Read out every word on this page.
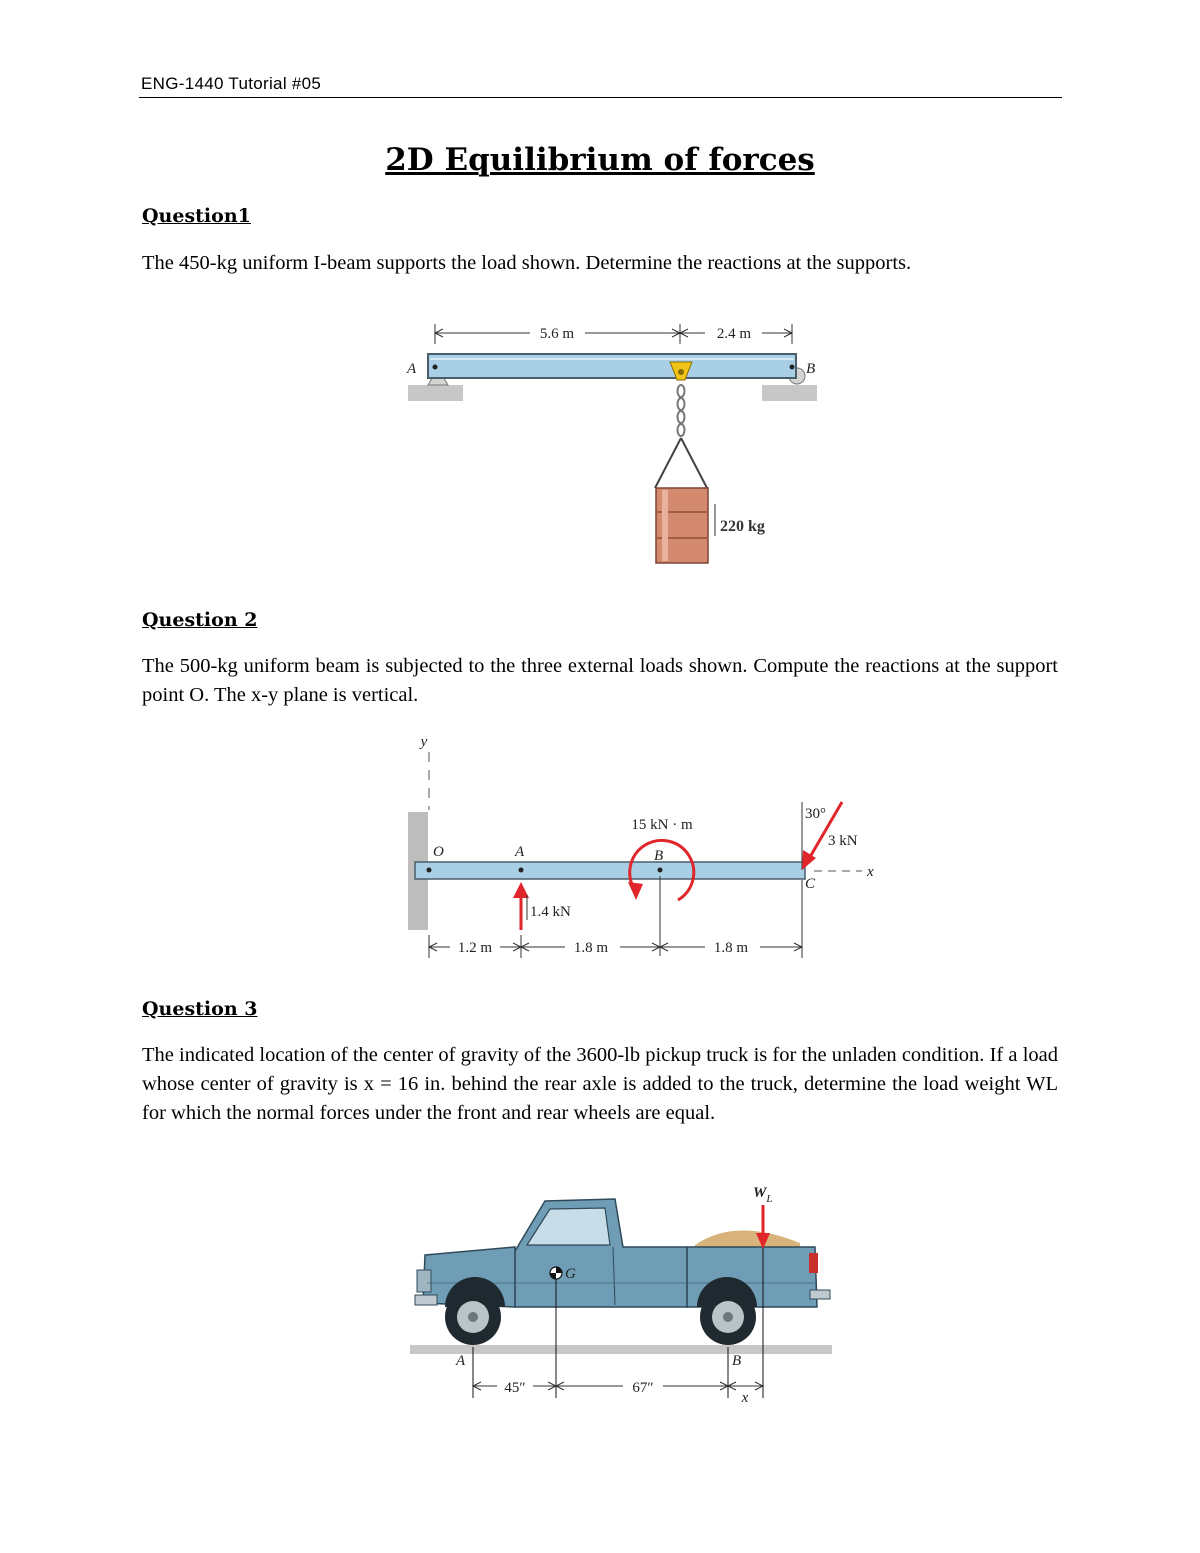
ENG-1440 Tutorial #05
2D Equilibrium of forces
Question1

The 450-kg uniform I-beam supports the load shown. Determine the reactions at the supports.

5.6 m	2.4 m
A	B
220 kg
Question 2

The 500-kg uniform beam is subjected to the three external loads shown. Compute the reactions at the support point O. The x-y plane is vertical.

y
O	A	B
C
x
1.4 kN
15 kN · m
30°
3 kN
1.2 m	1.8 m	1.8 m
Question 3

The indicated location of the center of gravity of the 3600-lb pickup truck is for the unladen condition. If a load whose center of gravity is x = 16 in. behind the rear axle is added to the truck, determine the load weight WL for which the normal forces under the front and rear wheels are equal.

$W_L$
G
A	B
45″	67″
x
